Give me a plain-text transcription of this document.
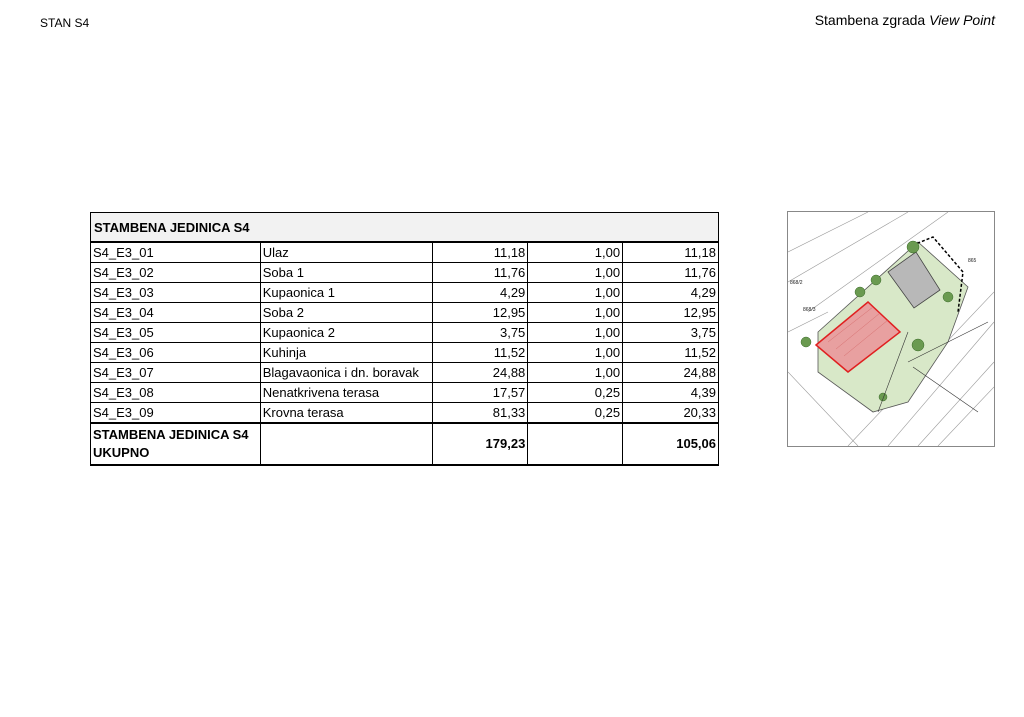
STAN S4	Stambena zgrada View Point
STAMBENA JEDINICA S4				
S4_E3_01	Ulaz	11,18	1,00	11,18
S4_E3_02	Soba 1	11,76	1,00	11,76
S4_E3_03	Kupaonica 1	4,29	1,00	4,29
S4_E3_04	Soba 2	12,95	1,00	12,95
S4_E3_05	Kupaonica 2	3,75	1,00	3,75
S4_E3_06	Kuhinja	11,52	1,00	11,52
S4_E3_07	Blagavaonica i dn. boravak	24,88	1,00	24,88
S4_E3_08	Nenatkrivena terasa	17,57	0,25	4,39
S4_E3_09	Krovna terasa	81,33	0,25	20,33
STAMBENA JEDINICA S4
UKUPNO		179,23		105,06
868/3
865
868/2
